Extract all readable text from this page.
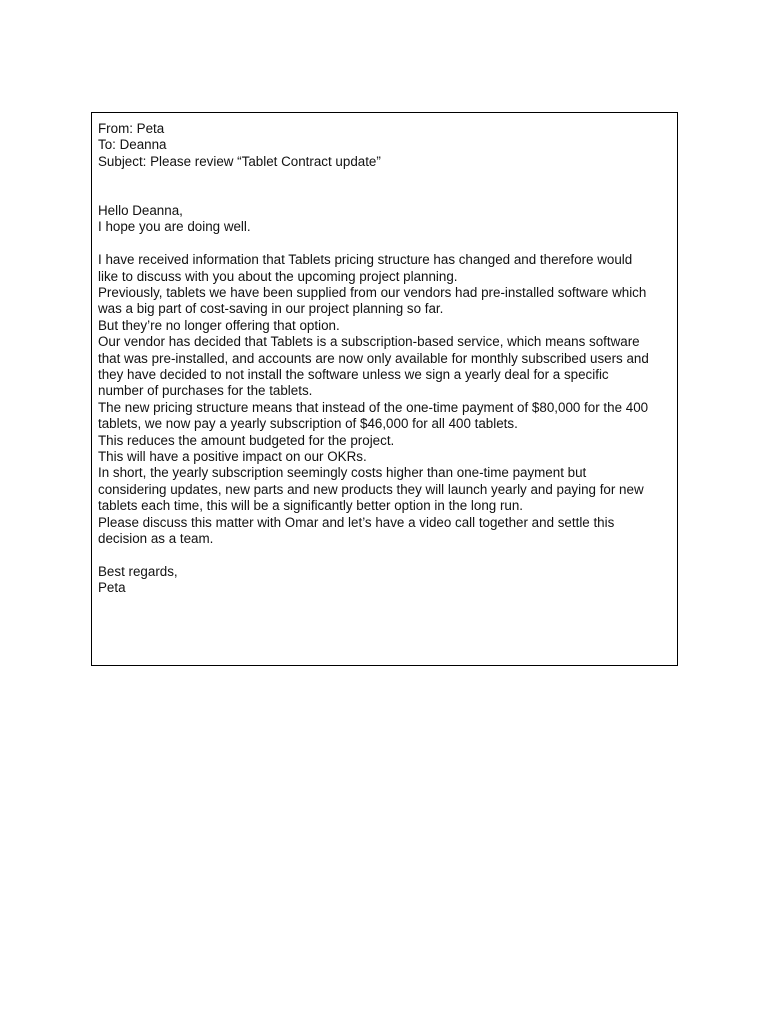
From: Peta
To: Deanna
Subject: Please review “Tablet Contract update”
Hello Deanna,
I hope you are doing well.
I have received information that Tablets pricing structure has changed and therefore would
like to discuss with you about the upcoming project planning.
Previously, tablets we have been supplied from our vendors had pre-installed software which
was a big part of cost-saving in our project planning so far.
But they’re no longer offering that option.
Our vendor has decided that Tablets is a subscription-based service, which means software
that was pre-installed, and accounts are now only available for monthly subscribed users and
they have decided to not install the software unless we sign a yearly deal for a specific
number of purchases for the tablets.
The new pricing structure means that instead of the one-time payment of $80,000 for the 400
tablets, we now pay a yearly subscription of $46,000 for all 400 tablets.
This reduces the amount budgeted for the project.
This will have a positive impact on our OKRs.
In short, the yearly subscription seemingly costs higher than one-time payment but
considering updates, new parts and new products they will launch yearly and paying for new
tablets each time, this will be a significantly better option in the long run.
Please discuss this matter with Omar and let’s have a video call together and settle this
decision as a team.
Best regards,
Peta
